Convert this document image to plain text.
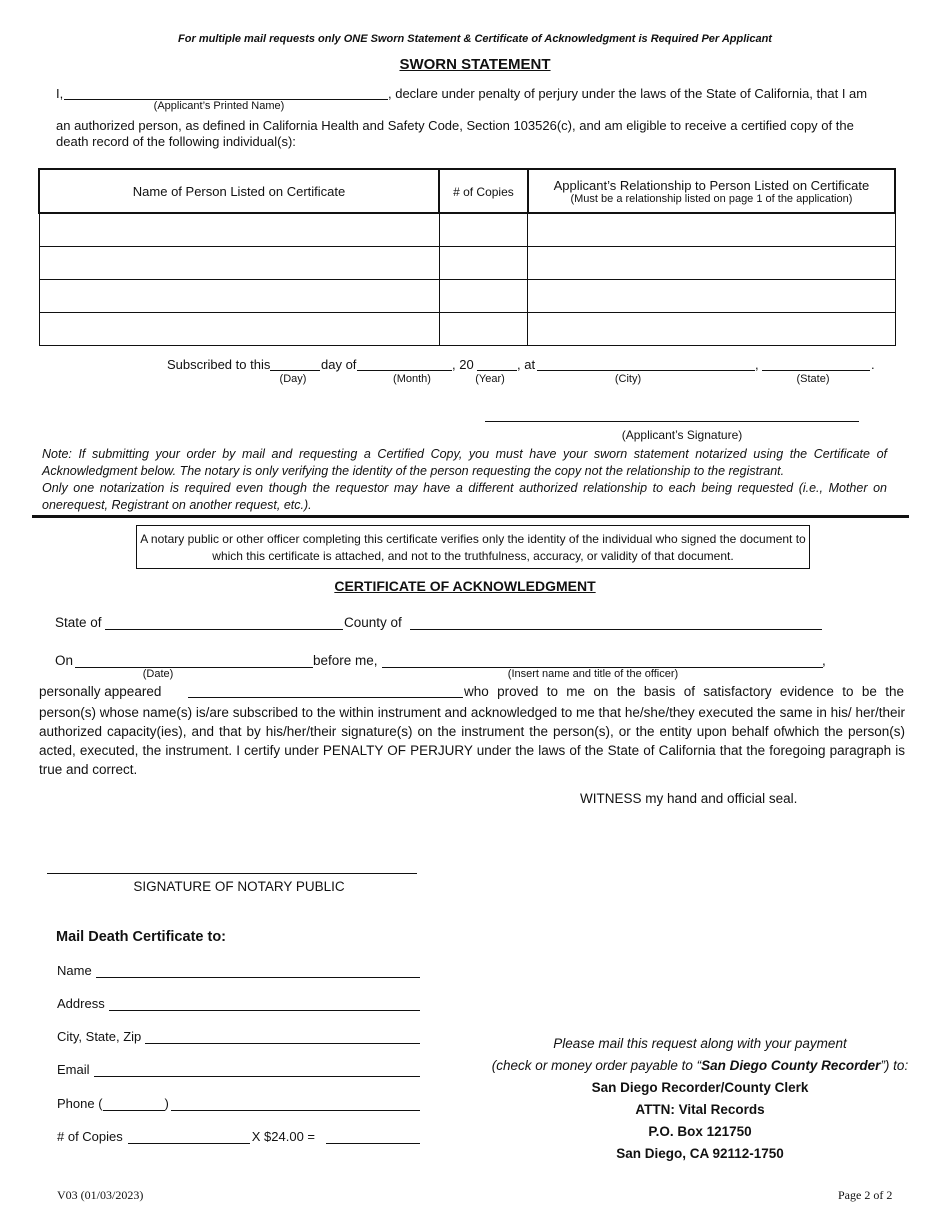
For multiple mail requests only ONE Sworn Statement & Certificate of Acknowledgment is Required Per Applicant
SWORN STATEMENT
I,	, declare under penalty of perjury under the laws of the State of California, that I am
(Applicant’s Printed Name)
an authorized person, as defined in California Health and Safety Code, Section 103526(c), and am eligible to receive a certified copy of the
death record of the following individual(s):
Name of Person Listed on Certificate	# of Copies	Applicant’s Relationship to Person Listed on Certificate
(Must be a relationship listed on page 1 of the application)

Subscribed to this	day of	, 20	, at	,	.
(Day)	(Month)	(Year)	(City)	(State)
(Applicant’s Signature)
Note: If submitting your order by mail and requesting a Certified Copy, you must have your sworn statement notarized using the Certificate of Acknowledgment below. The notary is only verifying the identity of the person requesting the copy not the relationship to the registrant.
Only one notarization is required even though the requestor may have a different authorized relationship to each being requested (i.e., Mother on onerequest, Registrant on another request, etc.).
A notary public or other officer completing this certificate verifies only the identity of the individual who signed the document to which this certificate is attached, and not to the truthfulness, accuracy, or validity of that document.
CERTIFICATE OF ACKNOWLEDGMENT
State of	County of
On	before me,	,
(Date)	(Insert name and title of the officer)
personally appeared	who proved to me on the basis of satisfactory evidence to be the
person(s) whose name(s) is/are subscribed to the within instrument and acknowledged to me that he/she/they executed the same in his/ her/their authorized capacity(ies), and that by his/her/their signature(s) on the instrument the person(s), or the entity upon behalf ofwhich the person(s) acted, executed, the instrument. I certify under PENALTY OF PERJURY under the laws of the State of California that the foregoing paragraph is true and correct.
WITNESS my hand and official seal.
SIGNATURE OF NOTARY PUBLIC
Mail Death Certificate to:
Name
Address
City, State, Zip
Email
Phone (	)
# of Copies	X $24.00 =
Please mail this request along with your payment
(check or money order payable to “San Diego County Recorder”) to:
San Diego Recorder/County Clerk
ATTN: Vital Records
P.O. Box 121750
San Diego, CA 92112-1750
V03 (01/03/2023)	Page 2 of 2
